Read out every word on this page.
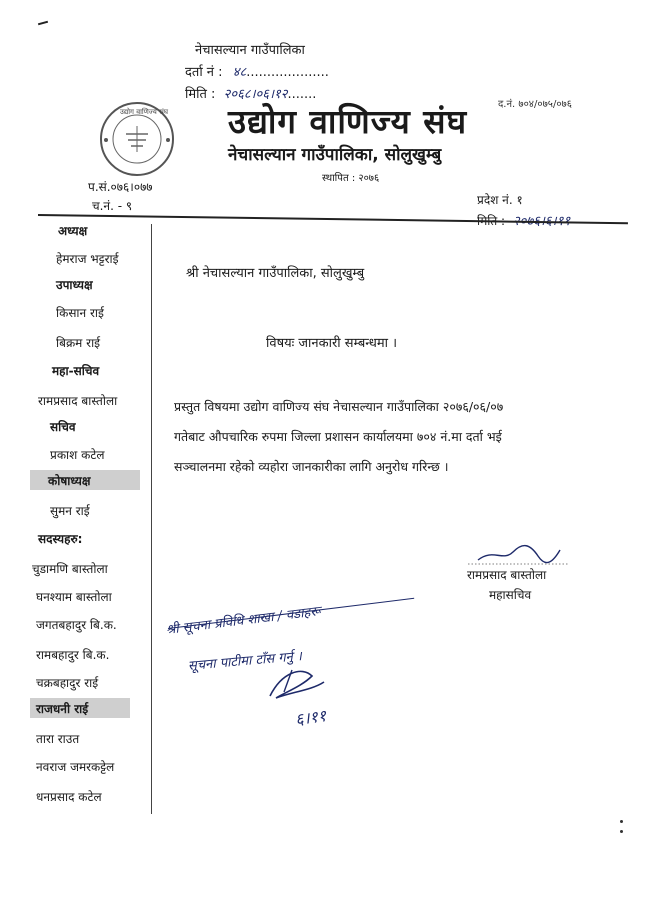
नेचासल्यान गाउँपालिका
दर्ता नं : ४८....................
मिति : २०६८।०६।१२.......
द.नं. ७०४/०७५/०७६
उद्योग वाणिज्य संघ उद्योग वाणिज्य संघ
नेचासल्यान गाउँपालिका, सोलुखुम्बु
स्थापित : २०७६
प.सं.०७६।०७७
च.नं. - ९	प्रदेश नं. १
अध्यक्ष
हेमराज भट्टराई
उपाध्यक्ष
किसान राई
बिक्रम राई
महा-सचिव
रामप्रसाद बास्तोला
सचिव
प्रकाश कटेल
कोषाध्यक्ष
सुमन राई
सदस्यहरु:
चुडामणि बास्तोला
घनश्याम बास्तोला
जगतबहादुर बि.क.
रामबहादुर बि.क.
चक्रबहादुर राई
राजधनी राई
तारा राउत
नवराज जमरकट्टेल
धनप्रसाद कटेल
श्री नेचासल्यान गाउँपालिका, सोलुखुम्बु
विषयः जानकारी सम्बन्धमा ।
प्रस्तुत विषयमा उद्योग वाणिज्य संघ नेचासल्यान गाउँपालिका २०७६/०६/०७
गतेबाट औपचारिक रुपमा जिल्ला प्रशासन कार्यालयमा ७०४ नं.मा दर्ता भई
सञ्चालनमा रहेको व्यहोरा जानकारीका लागि अनुरोध गरिन्छ ।
रामप्रसाद बास्तोला
महासचिव
श्री सूचना प्रविधि शाखा / वडाहरू
सूचना पाटीमा टाँस गर्नु ।
६।११
